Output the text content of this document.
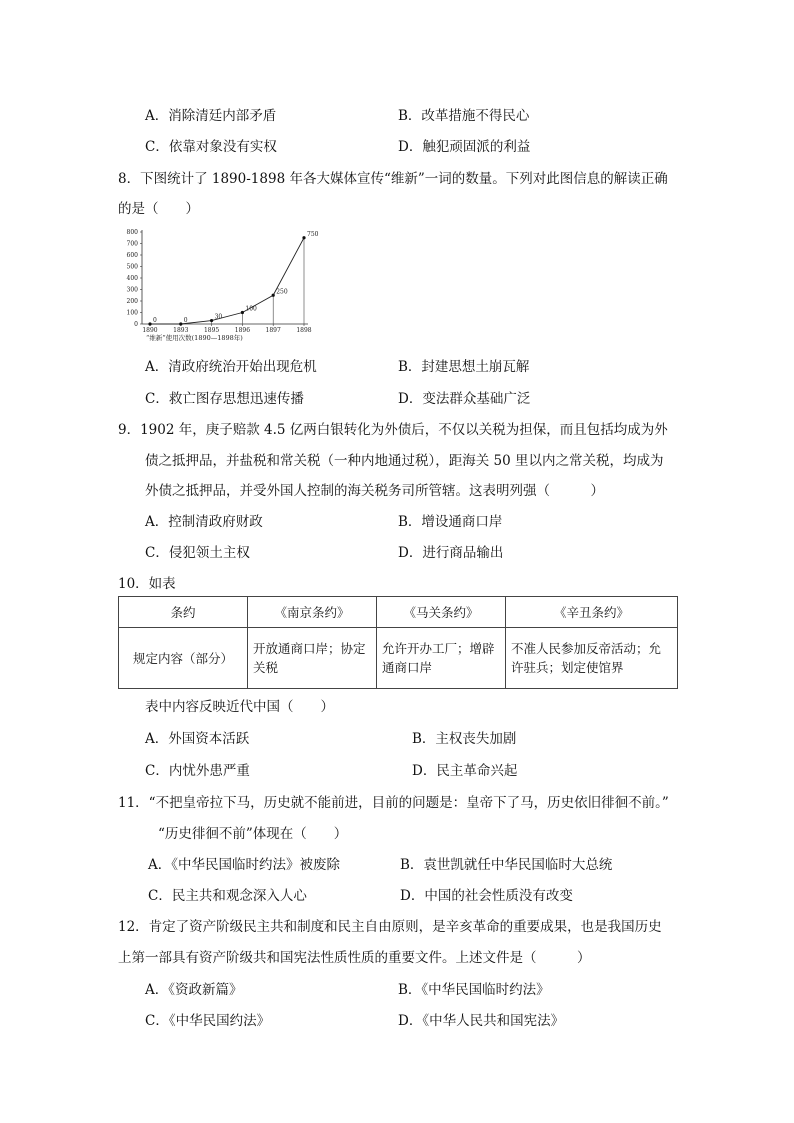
A．消除清廷内部矛盾	B．改革措施不得民心
C．依靠对象没有实权	D．触犯顽固派的利益
8．下图统计了 1890-1898 年各大媒体宣传“维新”一词的数量。下列对此图信息的解读正确
的是（　　）
0
100
200
300
400
500
600
700
800
1890	1893	1895	1896	1897	1898
0	0	30
100
250
750
“维新”使用次数(1890—1898年)
A．清政府统治开始出现危机	B．封建思想土崩瓦解
C．救亡图存思想迅速传播	D．变法群众基础广泛
9．1902 年，庚子赔款 4.5 亿两白银转化为外债后，不仅以关税为担保，而且包括均成为外
债之抵押品，并盐税和常关税（一种内地通过税），距海关 50 里以内之常关税，均成为
外债之抵押品，并受外国人控制的海关税务司所管辖。这表明列强（　　　）
A．控制清政府财政	B．增设通商口岸
C．侵犯领土主权	D．进行商品输出
10．如表
条约	《南京条约》	《马关条约》	《辛丑条约》
规定内容（部分）	开放通商口岸；协定关税	允许开办工厂；增辟通商口岸	不准人民参加反帝活动；允许驻兵；划定使馆界
表中内容反映近代中国（　　）
A．外国资本活跃	B．主权丧失加剧
C．内忧外患严重	D．民主革命兴起
11．“不把皇帝拉下马，历史就不能前进，目前的问题是：皇帝下了马，历史依旧徘徊不前。”
“历史徘徊不前”体现在（　　）
A．《中华民国临时约法》被废除	B．袁世凯就任中华民国临时大总统
C．民主共和观念深入人心	D．中国的社会性质没有改变
12．肯定了资产阶级民主共和制度和民主自由原则，是辛亥革命的重要成果，也是我国历史
上第一部具有资产阶级共和国宪法性质性质的重要文件。上述文件是（　　　）
A．《资政新篇》	B．《中华民国临时约法》
C．《中华民国约法》	D．《中华人民共和国宪法》
